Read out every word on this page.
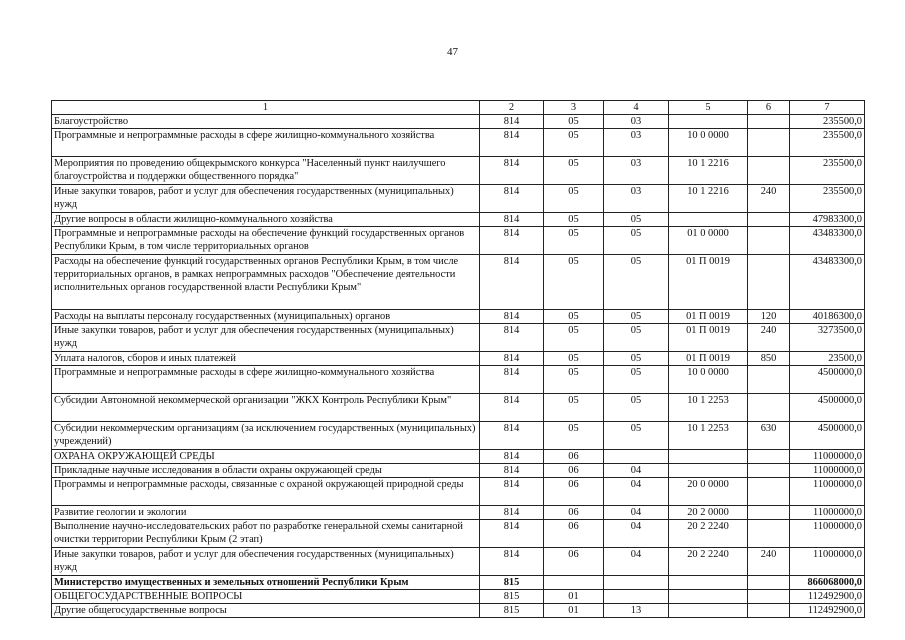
47
1	2	3	4	5	6	7
Благоустройство	814	05	03			235500,0
Программные и непрограммные расходы в сфере жилищно-коммунального хозяйства	814	05	03	10 0 0000		235500,0
Мероприятия по проведению общекрымского конкурса "Населенный пункт наилучшего благоустройства и поддержки общественного порядка"	814	05	03	10 1 2216		235500,0
Иные закупки товаров, работ и услуг для обеспечения государственных (муниципальных) нужд	814	05	03	10 1 2216	240	235500,0
Другие вопросы в области жилищно-коммунального хозяйства	814	05	05			47983300,0
Программные и непрограммные расходы на обеспечение функций государственных органов Республики Крым, в том числе территориальных органов	814	05	05	01 0 0000		43483300,0
Расходы на обеспечение функций государственных органов Республики Крым, в том числе территориальных органов, в рамках непрограммных расходов "Обеспечение деятельности исполнительных органов государственной власти Республики Крым"	814	05	05	01 П 0019		43483300,0
Расходы на выплаты персоналу государственных (муниципальных) органов	814	05	05	01 П 0019	120	40186300,0
Иные закупки товаров, работ и услуг для обеспечения государственных (муниципальных) нужд	814	05	05	01 П 0019	240	3273500,0
Уплата налогов, сборов и иных платежей	814	05	05	01 П 0019	850	23500,0
Программные и непрограммные расходы в сфере жилищно-коммунального хозяйства	814	05	05	10 0 0000		4500000,0
Субсидии Автономной некоммерческой организации "ЖКХ Контроль Республики Крым"	814	05	05	10 1 2253		4500000,0
Субсидии некоммерческим организациям (за исключением государственных (муниципальных) учреждений)	814	05	05	10 1 2253	630	4500000,0
ОХРАНА ОКРУЖАЮЩЕЙ СРЕДЫ	814	06				11000000,0
Прикладные научные исследования в области охраны окружающей среды	814	06	04			11000000,0
Программы и непрограммные расходы, связанные с охраной окружающей природной среды	814	06	04	20 0 0000		11000000,0
Развитие геологии и экологии	814	06	04	20 2 0000		11000000,0
Выполнение научно-исследовательских работ по разработке генеральной схемы санитарной очистки территории Республики Крым (2 этап)	814	06	04	20 2 2240		11000000,0
Иные закупки товаров, работ и услуг для обеспечения государственных (муниципальных) нужд	814	06	04	20 2 2240	240	11000000,0
Министерство имущественных и земельных отношений Республики Крым	815					866068000,0
ОБЩЕГОСУДАРСТВЕННЫЕ ВОПРОСЫ	815	01				112492900,0
Другие общегосударственные вопросы	815	01	13			112492900,0
